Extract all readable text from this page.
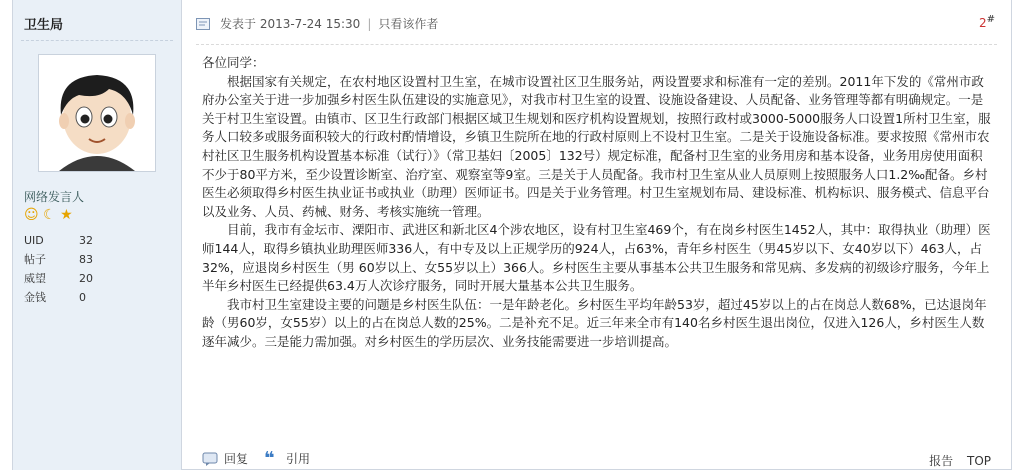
卫生局
网络发言人
☺ ☾ ★
UID	32
帖子	83
威望	20
金钱	0
发表于 2013-7-24 15:30 | 只看该作者	2#

各位同学：

根据国家有关规定，在农村地区设置村卫生室，在城市设置社区卫生服务站，两设置要求和标准有一定的差别。2011年下发的《常州市政府办公室关于进一步加强乡村医生队伍建设的实施意见》，对我市村卫生室的设置、设施设备建设、人员配备、业务管理等都有明确规定。一是关于村卫生室设置。由镇市、区卫生行政部门根据区域卫生规划和医疗机构设置规划，按照行政村或3000-5000服务人口设置1所村卫生室，服务人口较多或服务面积较大的行政村酌情增设，乡镇卫生院所在地的行政村原则上不设村卫生室。二是关于设施设备标准。要求按照《常州市农村社区卫生服务机构设置基本标准（试行）》（常卫基妇〔2005〕132号）规定标准，配备村卫生室的业务用房和基本设备，业务用房使用面积不少于80平方米，至少设置诊断室、治疗室、观察室等9室。三是关于人员配备。我市村卫生室从业人员原则上按照服务人口1.2‰配备。乡村医生必须取得乡村医生执业证书或执业（助理）医师证书。四是关于业务管理。村卫生室规划布局、建设标准、机构标识、服务模式、信息平台以及业务、人员、药械、财务、考核实施统一管理。

目前，我市有金坛市、溧阳市、武进区和新北区4个涉农地区，设有村卫生室469个，有在岗乡村医生1452人，其中：取得执业（助理）医师144人，取得乡镇执业助理医师336人，有中专及以上正规学历的924人，占63%，青年乡村医生（男45岁以下、女40岁以下）463人，占32%，应退岗乡村医生（男 60岁以上、女55岁以上）366人。乡村医生主要从事基本公共卫生服务和常见病、多发病的初级诊疗服务，今年上半年乡村医生已经提供63.4万人次诊疗服务，同时开展大量基本公共卫生服务。

我市村卫生室建设主要的问题是乡村医生队伍：一是年龄老化。乡村医生平均年龄53岁，超过45岁以上的占在岗总人数68%，已达退岗年龄（男60岁，女55岁）以上的占在岗总人数的25%。二是补充不足。近三年来全市有140名乡村医生退出岗位，仅进入126人，乡村医生人数逐年减少。三是能力需加强。对乡村医生的学历层次、业务技能需要进一步培训提高。

回复 ❝ 引用	报告 TOP
